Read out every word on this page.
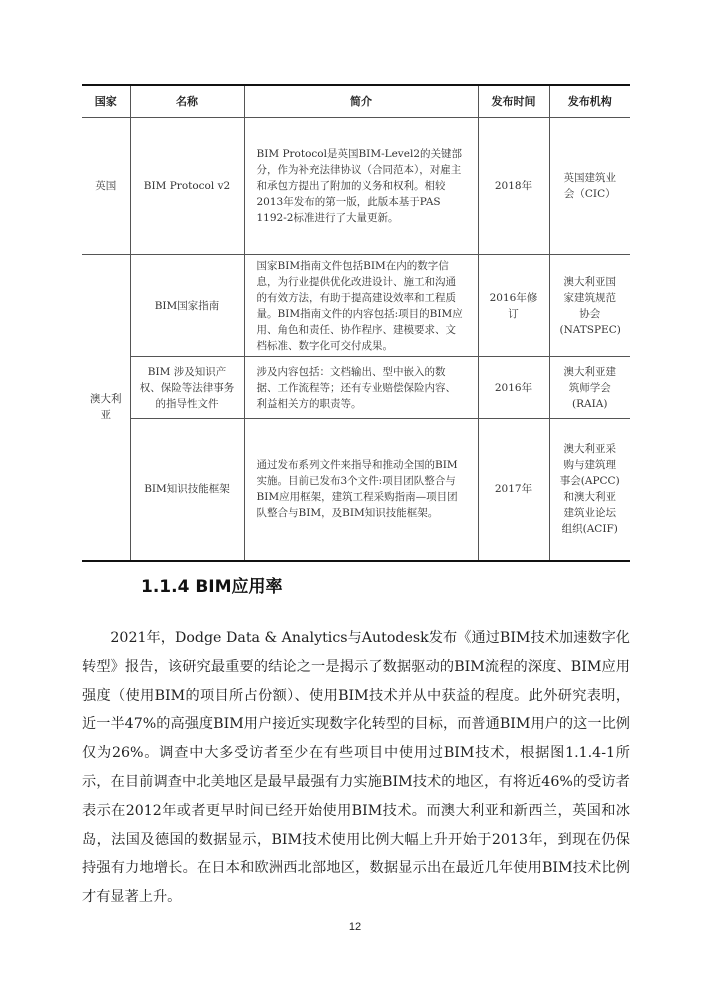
国家	名称	简介	发布时间	发布机构
英国	BIM Protocol v2	BIM Protocol是英国BIM-Level2的关键部分，作为补充法律协议（合同范本），对雇主和承包方提出了附加的义务和权利。相较2013年发布的第一版，此版本基于PAS 1192-2标准进行了大量更新。	2018年	英国建筑业会（CIC）
澳大利亚	BIM国家指南	国家BIM指南文件包括BIM在内的数字信息，为行业提供优化改进设计、施工和沟通的有效方法，有助于提高建设效率和工程质量。BIM指南文件的内容包括:项目的BIM应用、角色和责任、协作程序、建模要求、文档标准、数字化可交付成果。	2016年修订	澳大利亚国家建筑规范协会(NATSPEC)
	BIM 涉及知识产权、保险等法律事务的指导性文件	涉及内容包括：文档输出、型中嵌入的数据、工作流程等；还有专业赔偿保险内容、利益相关方的职责等。	2016年	澳大利亚建筑师学会(RAIA)
	BIM知识技能框架	通过发布系列文件来指导和推动全国的BIM 实施。目前已发布3个文件:项目团队整合与BIM应用框架，建筑工程采购指南—项目团队整合与BIM，及BIM知识技能框架。	2017年	澳大利亚采购与建筑理事会(APCC)和澳大利亚建筑业论坛组织(ACIF)
1.1.4 BIM应用率

2021年，Dodge Data & Analytics与Autodesk发布《通过BIM技术加速数字化转型》报告，该研究最重要的结论之一是揭示了数据驱动的BIM流程的深度、BIM应用强度（使用BIM的项目所占份额）、使用BIM技术并从中获益的程度。此外研究表明，近一半47%的高强度BIM用户接近实现数字化转型的目标，而普通BIM用户的这一比例仅为26%。调查中大多受访者至少在有些项目中使用过BIM技术，根据图1.1.4-1所示，在目前调查中北美地区是最早最强有力实施BIM技术的地区，有将近46%的受访者表示在2012年或者更早时间已经开始使用BIM技术。而澳大利亚和新西兰，英国和冰岛，法国及德国的数据显示，BIM技术使用比例大幅上升开始于2013年，到现在仍保持强有力地增长。在日本和欧洲西北部地区，数据显示出在最近几年使用BIM技术比例才有显著上升。

12
